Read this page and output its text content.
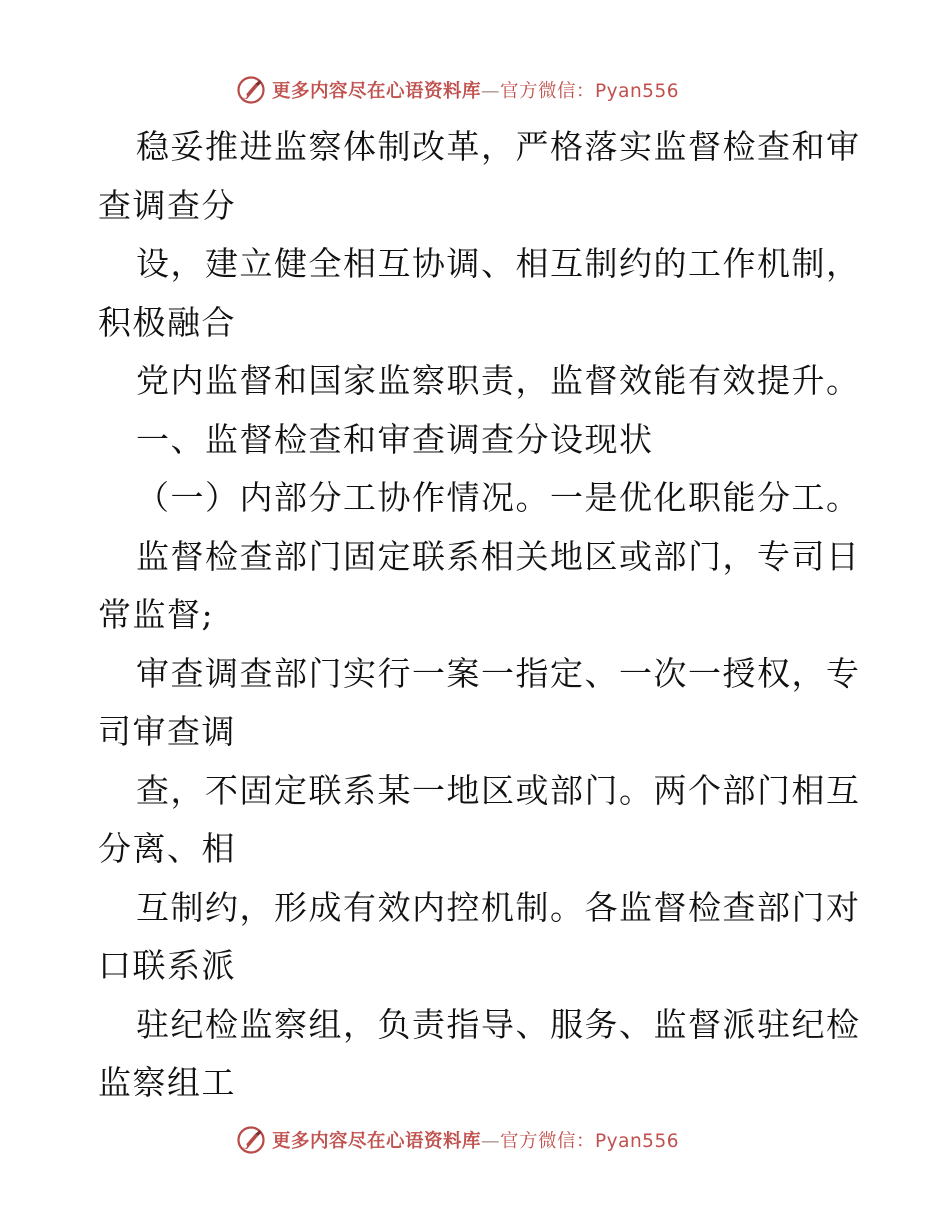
更多内容尽在心语资料库—官方微信：Pyan556
稳妥推进监察体制改革，严格落实监督检查和审
查调查分
设，建立健全相互协调、相互制约的工作机制，
积极融合
党内监督和国家监察职责，监督效能有效提升。
一、监督检查和审查调查分设现状
（一）内部分工协作情况。一是优化职能分工。
监督检查部门固定联系相关地区或部门，专司日
常监督;
审查调查部门实行一案一指定、一次一授权，专
司审查调
查，不固定联系某一地区或部门。两个部门相互
分离、相
互制约，形成有效内控机制。各监督检查部门对
口联系派
驻纪检监察组，负责指导、服务、监督派驻纪检
监察组工
更多内容尽在心语资料库—官方微信：Pyan556
